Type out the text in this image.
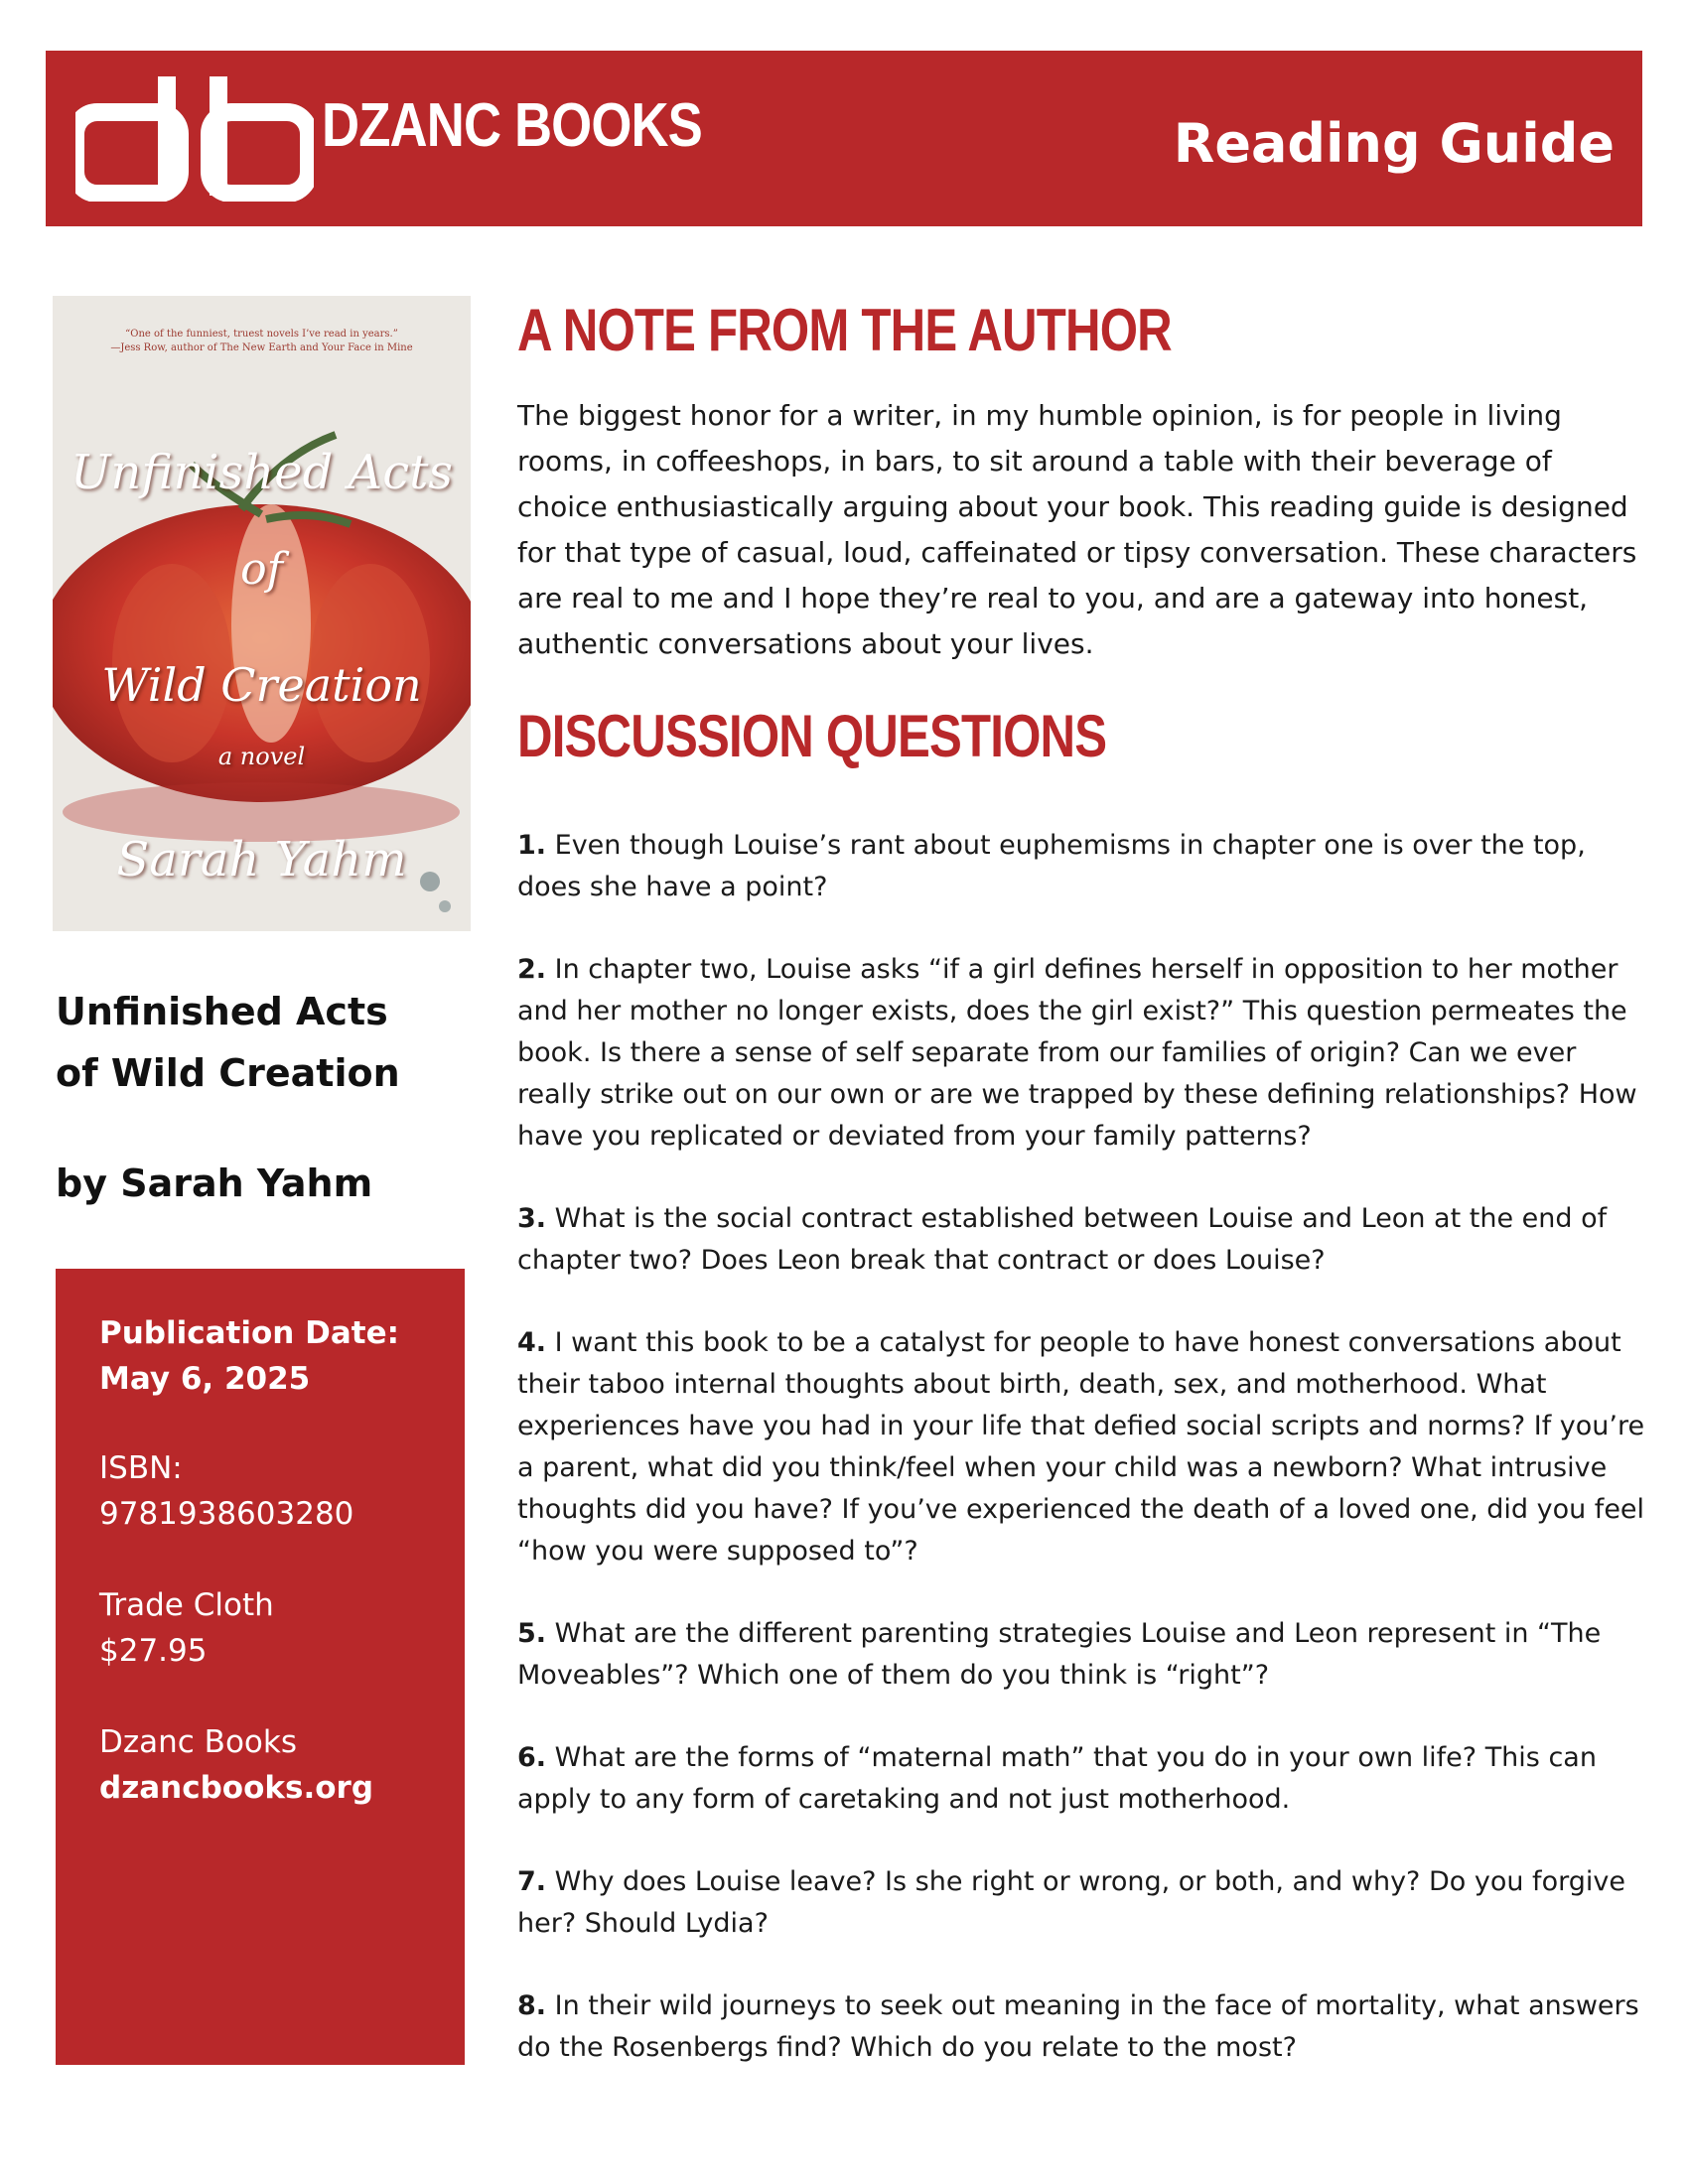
DZANC BOOKS	Reading Guide
“One of the funniest, truest novels I’ve read in years.”
—Jess Row, author of The New Earth and Your Face in Mine
Unfinished Acts
of
Wild Creation
a novel
Sarah Yahm
Unfinished Acts
of Wild Creation
by Sarah Yahm
Publication Date:
May 6, 2025
ISBN:
9781938603280
Trade Cloth
$27.95
Dzanc Books
dzancbooks.org
A NOTE FROM THE AUTHOR
The biggest honor for a writer, in my humble opinion, is for people in living rooms, in coffeeshops, in bars, to sit around a table with their beverage of choice enthusiastically arguing about your book. This reading guide is designed for that type of casual, loud, caffeinated or tipsy conversation. These characters are real to me and I hope they’re real to you, and are a gateway into honest, authentic conversations about your lives.
DISCUSSION QUESTIONS
1. Even though Louise’s rant about euphemisms in chapter one is over the top, does she have a point?
2. In chapter two, Louise asks “if a girl defines herself in opposition to her mother and her mother no longer exists, does the girl exist?” This question permeates the book. Is there a sense of self separate from our families of origin? Can we ever really strike out on our own or are we trapped by these defining relationships? How have you replicated or deviated from your family patterns?
3. What is the social contract established between Louise and Leon at the end of chapter two? Does Leon break that contract or does Louise?
4. I want this book to be a catalyst for people to have honest conversations about their taboo internal thoughts about birth, death, sex, and motherhood. What experiences have you had in your life that defied social scripts and norms? If you’re a parent, what did you think/feel when your child was a newborn? What intrusive thoughts did you have? If you’ve experienced the death of a loved one, did you feel “how you were supposed to”?
5. What are the different parenting strategies Louise and Leon represent in “The Moveables”? Which one of them do you think is “right”?
6. What are the forms of “maternal math” that you do in your own life? This can apply to any form of caretaking and not just motherhood.
7. Why does Louise leave? Is she right or wrong, or both, and why? Do you forgive her? Should Lydia?
8. In their wild journeys to seek out meaning in the face of mortality, what answers do the Rosenbergs find? Which do you relate to the most?
